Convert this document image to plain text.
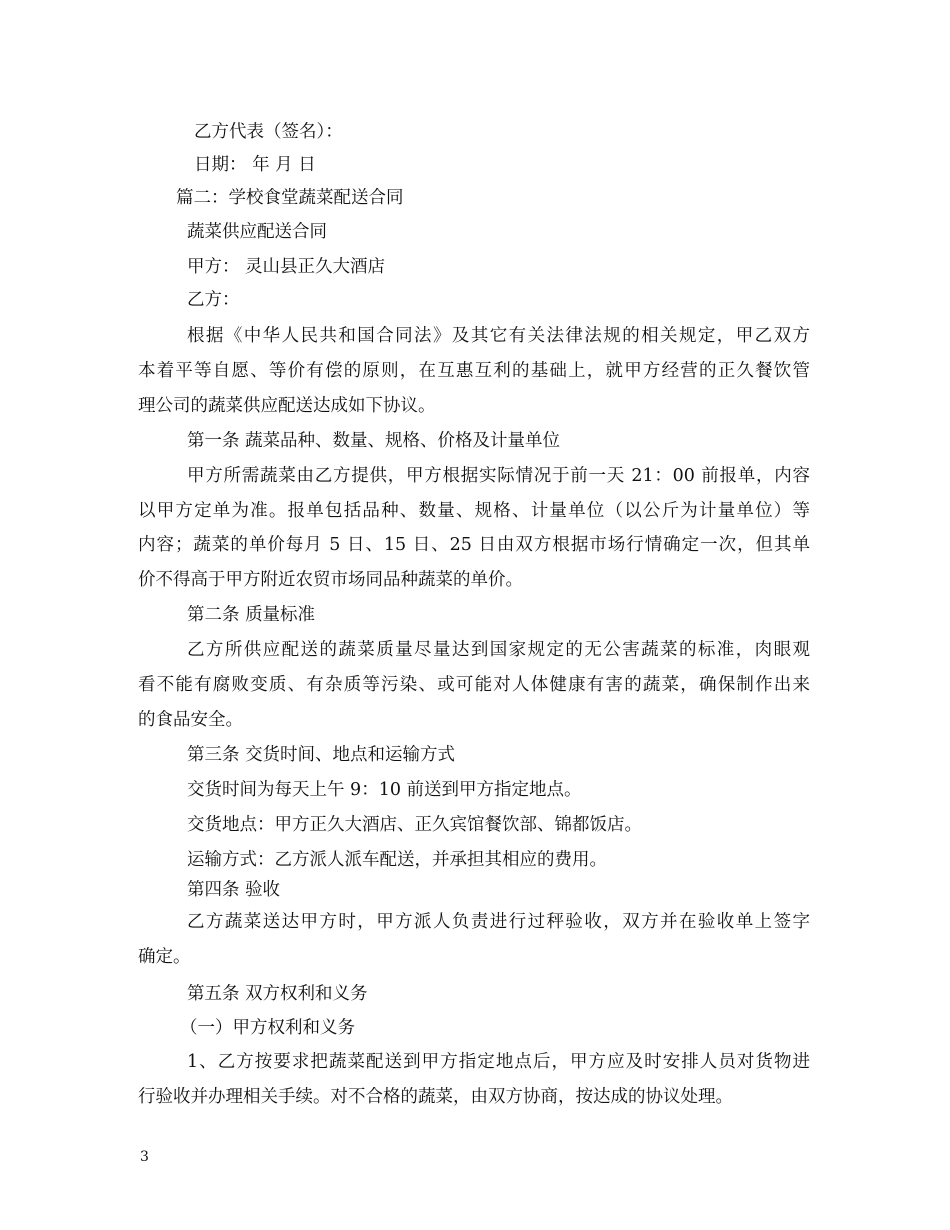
乙方代表（签名）：
日期： 年 月 日
篇二：学校食堂蔬菜配送合同
蔬菜供应配送合同
甲方： 灵山县正久大酒店
乙方：
根据《中华人民共和国合同法》及其它有关法律法规的相关规定，甲乙双方
本着平等自愿、等价有偿的原则，在互惠互利的基础上，就甲方经营的正久餐饮管
理公司的蔬菜供应配送达成如下协议。
第一条 蔬菜品种、数量、规格、价格及计量单位
甲方所需蔬菜由乙方提供，甲方根据实际情况于前一天 21：00 前报单，内容
以甲方定单为准。报单包括品种、数量、规格、计量单位（以公斤为计量单位）等
内容；蔬菜的单价每月 5 日、15 日、25 日由双方根据市场行情确定一次，但其单
价不得高于甲方附近农贸市场同品种蔬菜的单价。
第二条 质量标准
乙方所供应配送的蔬菜质量尽量达到国家规定的无公害蔬菜的标准，肉眼观
看不能有腐败变质、有杂质等污染、或可能对人体健康有害的蔬菜，确保制作出来
的食品安全。
第三条 交货时间、地点和运输方式
交货时间为每天上午 9：10 前送到甲方指定地点。
交货地点：甲方正久大酒店、正久宾馆餐饮部、锦都饭店。
运输方式：乙方派人派车配送，并承担其相应的费用。
第四条 验收
乙方蔬菜送达甲方时，甲方派人负责进行过秤验收，双方并在验收单上签字
确定。
第五条 双方权利和义务
（一）甲方权利和义务
1、乙方按要求把蔬菜配送到甲方指定地点后，甲方应及时安排人员对货物进
行验收并办理相关手续。对不合格的蔬菜，由双方协商，按达成的协议处理。
3
